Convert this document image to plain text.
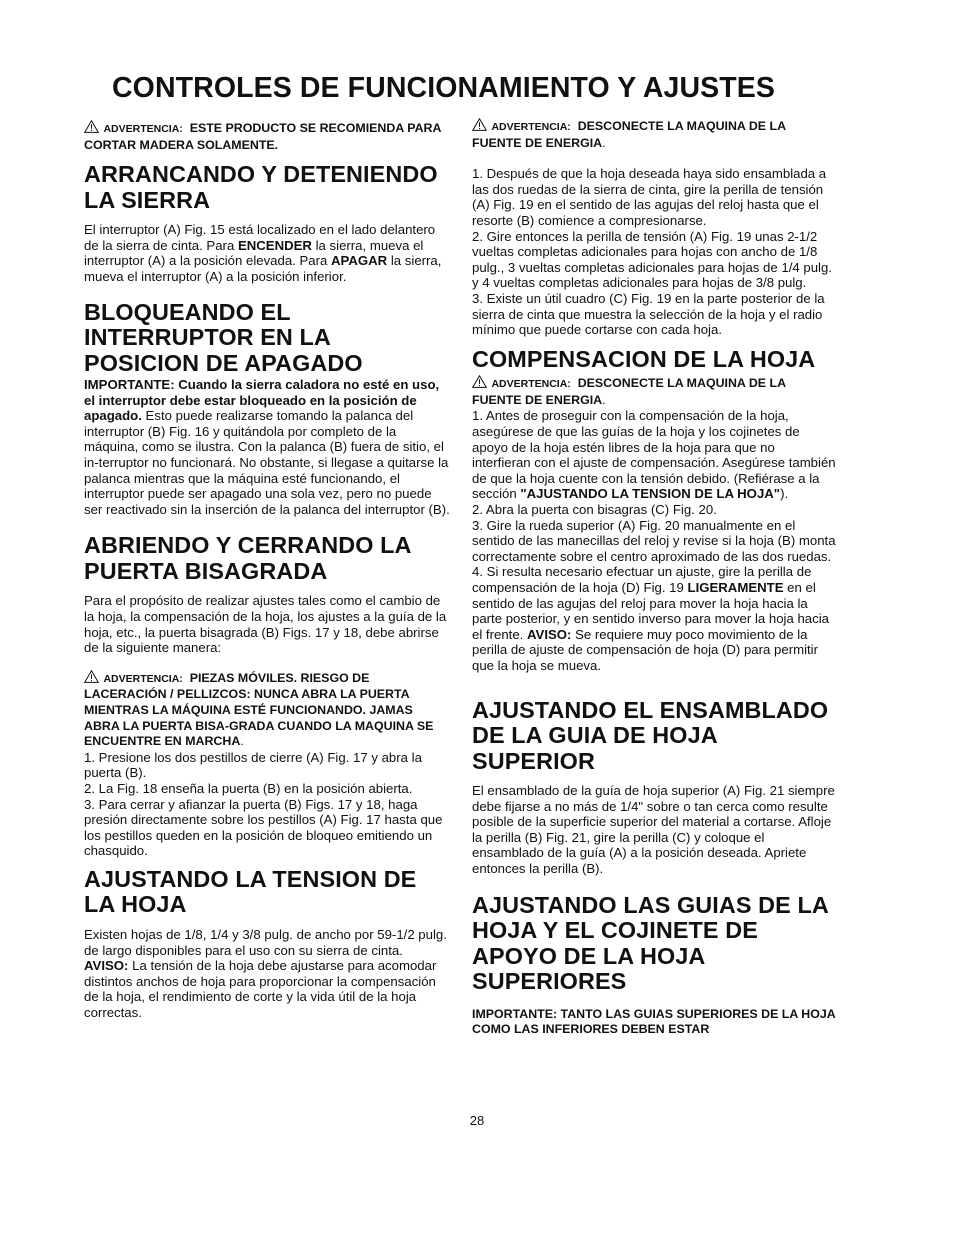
CONTROLES DE FUNCIONAMIENTO Y AJUSTES

ADVERTENCIA: ESTE PRODUCTO SE RECOMIENDA PARA CORTAR MADERA SOLAMENTE.

ARRANCANDO Y DETENIENDO LA SIERRA

El interruptor (A) Fig. 15 está localizado en el lado delantero de la sierra de cinta. Para ENCENDER la sierra, mueva el interruptor (A) a la posición elevada. Para APAGAR la sierra, mueva el interruptor (A) a la posición inferior.

BLOQUEANDO EL INTERRUPTOR EN LA POSICION DE APAGADO

IMPORTANTE: Cuando la sierra caladora no esté en uso, el interruptor debe estar bloqueado en la posición de apagado. Esto puede realizarse tomando la palanca del interruptor (B) Fig. 16 y quitándola por completo de la máquina, como se ilustra. Con la palanca (B) fuera de sitio, el in-terruptor no funcionará. No obstante, si llegase a quitarse la palanca mientras que la máquina esté funcionando, el interruptor puede ser apagado una sola vez, pero no puede ser reactivado sin la inserción de la palanca del interruptor (B).

ABRIENDO Y CERRANDO LA PUERTA BISAGRADA

Para el propósito de realizar ajustes tales como el cambio de la hoja, la compensación de la hoja, los ajustes a la guía de la hoja, etc., la puerta bisagrada (B) Figs. 17 y 18, debe abrirse de la siguiente manera:

ADVERTENCIA: PIEZAS MÓVILES. RIESGO DE LACERACIÓN / PELLIZCOS: NUNCA ABRA LA PUERTA MIENTRAS LA MÁQUINA ESTÉ FUNCIONANDO. JAMAS ABRA LA PUERTA BISA-GRADA CUANDO LA MAQUINA SE ENCUENTRE EN MARCHA.

1. Presione los dos pestillos de cierre (A) Fig. 17 y abra la puerta (B).

2. La Fig. 18 enseña la puerta (B) en la posición abierta.

3. Para cerrar y afianzar la puerta (B) Figs. 17 y 18, haga presión directamente sobre los pestillos (A) Fig. 17 hasta que los pestillos queden en la posición de bloqueo emitiendo un chasquido.

AJUSTANDO LA TENSION DE LA HOJA

Existen hojas de 1/8, 1/4 y 3/8 pulg. de ancho por 59-1/2 pulg. de largo disponibles para el uso con su sierra de cinta. AVISO: La tensión de la hoja debe ajustarse para acomodar distintos anchos de hoja para proporcionar la compensación de la hoja, el rendimiento de corte y la vida útil de la hoja correctas.

ADVERTENCIA: DESCONECTE LA MAQUINA DE LA FUENTE DE ENERGIA.

1. Después de que la hoja deseada haya sido ensamblada a las dos ruedas de la sierra de cinta, gire la perilla de tensión (A) Fig. 19 en el sentido de las agujas del reloj hasta que el resorte (B) comience a compresionarse.

2. Gire entonces la perilla de tensión (A) Fig. 19 unas 2-1/2 vueltas completas adicionales para hojas con ancho de 1/8 pulg., 3 vueltas completas adicionales para hojas de 1/4 pulg. y 4 vueltas completas adicionales para hojas de 3/8 pulg.

3. Existe un útil cuadro (C) Fig. 19 en la parte posterior de la sierra de cinta que muestra la selección de la hoja y el radio mínimo que puede cortarse con cada hoja.

COMPENSACION DE LA HOJA

ADVERTENCIA: DESCONECTE LA MAQUINA DE LA FUENTE DE ENERGIA.

1. Antes de proseguir con la compensación de la hoja, asegúrese de que las guías de la hoja y los cojinetes de apoyo de la hoja estén libres de la hoja para que no interfieran con el ajuste de compensación. Asegúrese también de que la hoja cuente con la tensión debido. (Refiérase a la sección "AJUSTANDO LA TENSION DE LA HOJA").

2. Abra la puerta con bisagras (C) Fig. 20.

3. Gire la rueda superior (A) Fig. 20 manualmente en el sentido de las manecillas del reloj y revise si la hoja (B) monta correctamente sobre el centro aproximado de las dos ruedas.

4. Si resulta necesario efectuar un ajuste, gire la perilla de compensación de la hoja (D) Fig. 19 LIGERAMENTE en el sentido de las agujas del reloj para mover la hoja hacia la parte posterior, y en sentido inverso para mover la hoja hacia el frente. AVISO: Se requiere muy poco movimiento de la perilla de ajuste de compensación de hoja (D) para permitir que la hoja se mueva.

AJUSTANDO EL ENSAMBLADO DE LA GUIA DE HOJA SUPERIOR

El ensamblado de la guía de hoja superior (A) Fig. 21 siempre debe fijarse a no más de 1/4" sobre o tan cerca como resulte posible de la superficie superior del material a cortarse. Afloje la perilla (B) Fig. 21, gire la perilla (C) y coloque el ensamblado de la guía (A) a la posición deseada. Apriete entonces la perilla (B).

AJUSTANDO LAS GUIAS DE LA HOJA Y EL COJINETE DE APOYO DE LA HOJA SUPERIORES

IMPORTANTE: TANTO LAS GUIAS SUPERIORES DE LA HOJA COMO LAS INFERIORES DEBEN ESTAR

28
